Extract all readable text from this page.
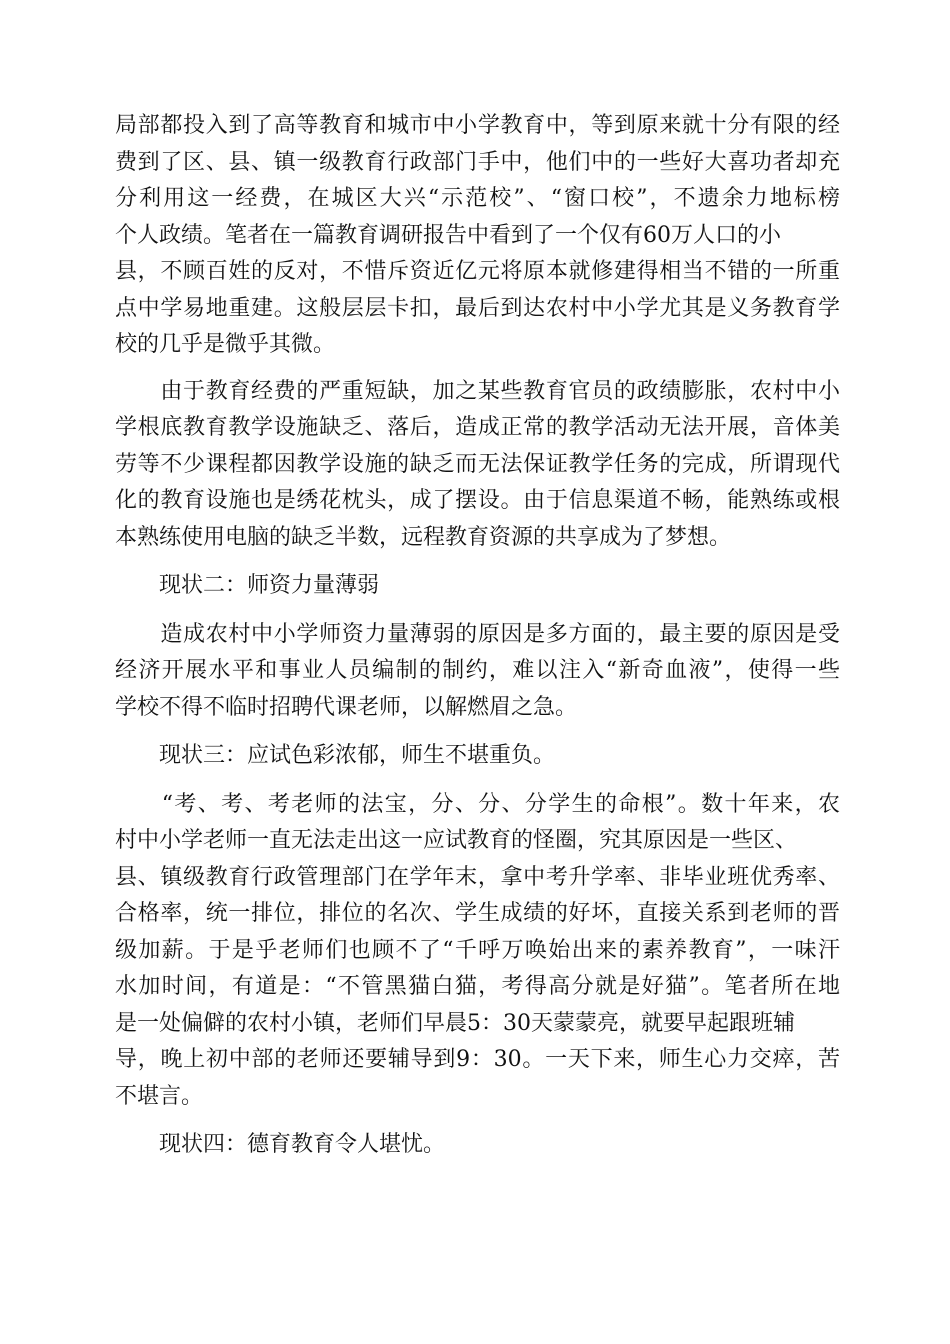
局部都投入到了高等教育和城市中小学教育中，等到原来就十分有限的经
费到了区、县、镇一级教育行政部门手中，他们中的一些好大喜功者却充
分利用这一经费，在城区大兴“示范校”、“窗口校”，不遗余力地标榜
个人政绩。笔者在一篇教育调研报告中看到了一个仅有60万人口的小
县，不顾百姓的反对，不惜斥资近亿元将原本就修建得相当不错的一所重
点中学易地重建。这般层层卡扣，最后到达农村中小学尤其是义务教育学
校的几乎是微乎其微。
　　由于教育经费的严重短缺，加之某些教育官员的政绩膨胀，农村中小
学根底教育教学设施缺乏、落后，造成正常的教学活动无法开展，音体美
劳等不少课程都因教学设施的缺乏而无法保证教学任务的完成，所谓现代
化的教育设施也是绣花枕头，成了摆设。由于信息渠道不畅，能熟练或根
本熟练使用电脑的缺乏半数，远程教育资源的共享成为了梦想。
　　现状二：师资力量薄弱
　　造成农村中小学师资力量薄弱的原因是多方面的，最主要的原因是受
经济开展水平和事业人员编制的制约，难以注入“新奇血液”，使得一些
学校不得不临时招聘代课老师，以解燃眉之急。
　　现状三：应试色彩浓郁，师生不堪重负。
　　“考、考、考老师的法宝，分、分、分学生的命根”。数十年来，农
村中小学老师一直无法走出这一应试教育的怪圈，究其原因是一些区、
县、镇级教育行政管理部门在学年末，拿中考升学率、非毕业班优秀率、
合格率，统一排位，排位的名次、学生成绩的好坏，直接关系到老师的晋
级加薪。于是乎老师们也顾不了“千呼万唤始出来的素养教育”，一味汗
水加时间，有道是：“不管黑猫白猫，考得高分就是好猫”。笔者所在地
是一处偏僻的农村小镇，老师们早晨5：30天蒙蒙亮，就要早起跟班辅
导，晚上初中部的老师还要辅导到9：30。一天下来，师生心力交瘁，苦
不堪言。
　　现状四：德育教育令人堪忧。
